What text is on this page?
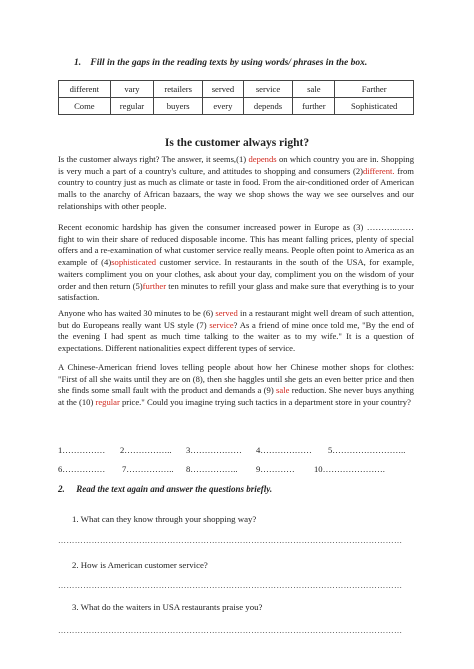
1. Fill in the gaps in the reading texts by using words/ phrases in the box.
different	vary	retailers	served	service	sale	Farther
Come	regular	buyers	every	depends	further	Sophisticated
Is the customer always right?
Is the customer always right? The answer, it seems,(1) depends on which country you are in. Shopping is very much a part of a country's culture, and attitudes to shopping and consumers (2)different. from country to country just as much as climate or taste in food. From the air-conditioned order of American malls to the anarchy of African bazaars, the way we shop shows the way we see ourselves and our relationships with other people.
Recent economic hardship has given the consumer increased power in Europe as (3) ………..…… fight to win their share of reduced disposable income. This has meant falling prices, plenty of special offers and a re-examination of what customer service really means. People often point to America as an example of (4)sophisticated customer service. In restaurants in the south of the USA, for example, waiters compliment you on your clothes, ask about your day, compliment you on the wisdom of your order and then return (5)further ten minutes to refill your glass and make sure that everything is to your satisfaction.
Anyone who has waited 30 minutes to be (6) served in a restaurant might well dream of such attention, but do Europeans really want US style (7) service? As a friend of mine once told me, "By the end of the evening I had spent as much time talking to the waiter as to my wife." It is a question of expectations. Different nationalities expect different types of service.
A Chinese-American friend loves telling people about how her Chinese mother shops for clothes: "First of all she waits until they are on (8), then she haggles until she gets an even better price and then she finds some small fault with the product and demands a (9) sale reduction. She never buys anything at the (10) regular price." Could you imagine trying such tactics in a department store in your country?
1…………… 2…………….. 3……………… 4……………… 5……………………..
6…………… 7…………….. 8…………….. 9………… 10………………….
2. Read the text again and answer the questions briefly.
1. What can they know through your shopping way?
……………………………………………………………………………………………………………
2. How is American customer service?
……………………………………………………………………………………………………………
3. What do the waiters in USA restaurants praise you?
……………………………………………………………………………………………………………
